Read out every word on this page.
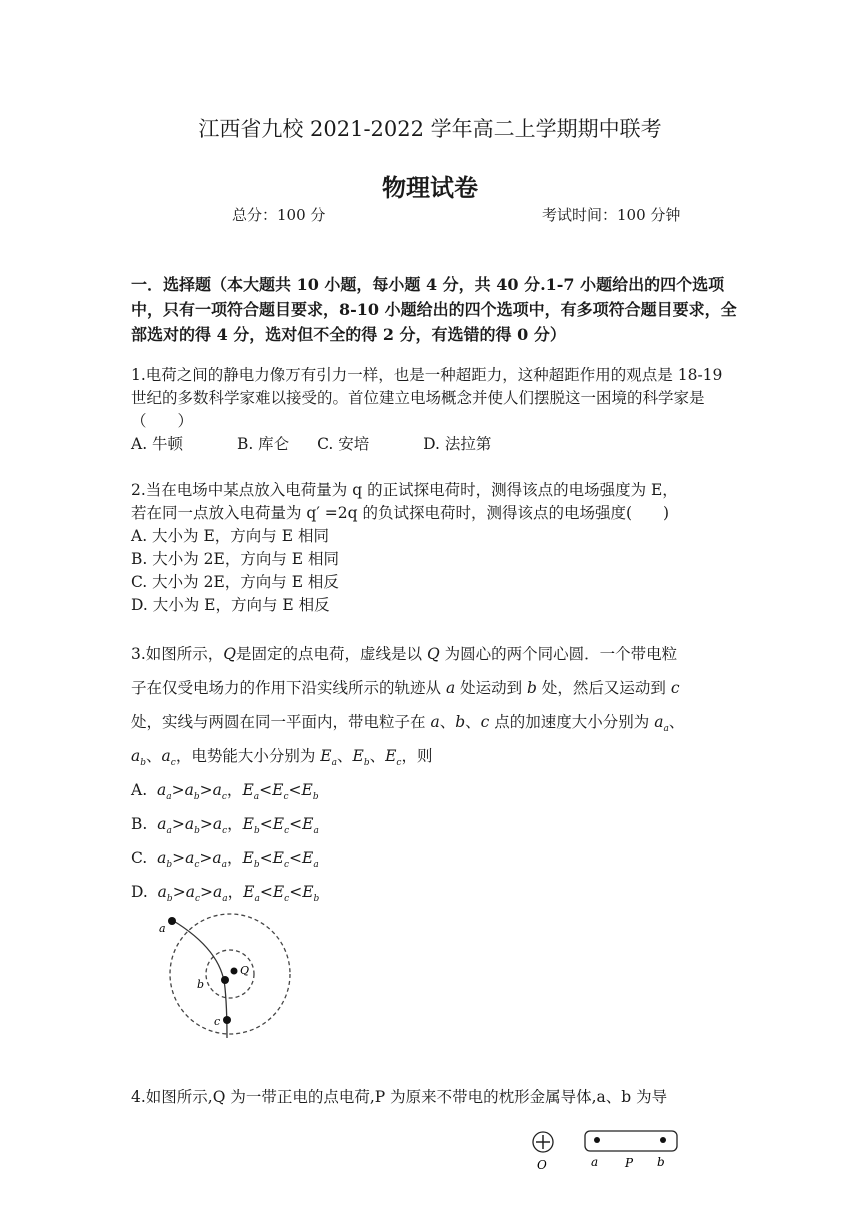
江西省九校 2021-2022 学年高二上学期期中联考
物理试卷
总分：100 分	考试时间：100 分钟
一．选择题（本大题共 10 小题，每小题 4 分，共 40 分.1-7 小题给出的四个选项中，只有一项符合题目要求，8-10 小题给出的四个选项中，有多项符合题目要求，全部选对的得 4 分，选对但不全的得 2 分，有选错的得 0 分）
1.电荷之间的静电力像万有引力一样，也是一种超距力，这种超距作用的观点是 18-19 世纪的多数科学家难以接受的。首位建立电场概念并使人们摆脱这一困境的科学家是（　　）
A. 牛顿	B. 库仑 C. 安培	D. 法拉第
2.当在电场中某点放入电荷量为 q 的正试探电荷时，测得该点的电场强度为 E，
若在同一点放入电荷量为 q′ =2q 的负试探电荷时，测得该点的电场强度(　　)
A. 大小为 E，方向与 E 相同
B. 大小为 2E，方向与 E 相同
C. 大小为 2E，方向与 E 相反
D. 大小为 E，方向与 E 相反
3.如图所示，Q是固定的点电荷，虚线是以 Q 为圆心的两个同心圆．一个带电粒
子在仅受电场力的作用下沿实线所示的轨迹从 a 处运动到 b 处，然后又运动到 c
处，实线与两圆在同一平面内，带电粒子在 a、b、c 点的加速度大小分别为 $a_a$、
$a_b$、$a_c$，电势能大小分别为 $E_a$、$E_b$、$E_c$，则
A. $a_a>a_b>a_c$，$E_a<E_c<E_b$
B. $a_a>a_b>a_c$，$E_b<E_c<E_a$
C. $a_b>a_c>a_a$，$E_b<E_c<E_a$
D. $a_b>a_c>a_a$，$E_a<E_c<E_b$
a
b
c
Q
4.如图所示,Q 为一带正电的点电荷,P 为原来不带电的枕形金属导体,a、b 为导
O	a P b
